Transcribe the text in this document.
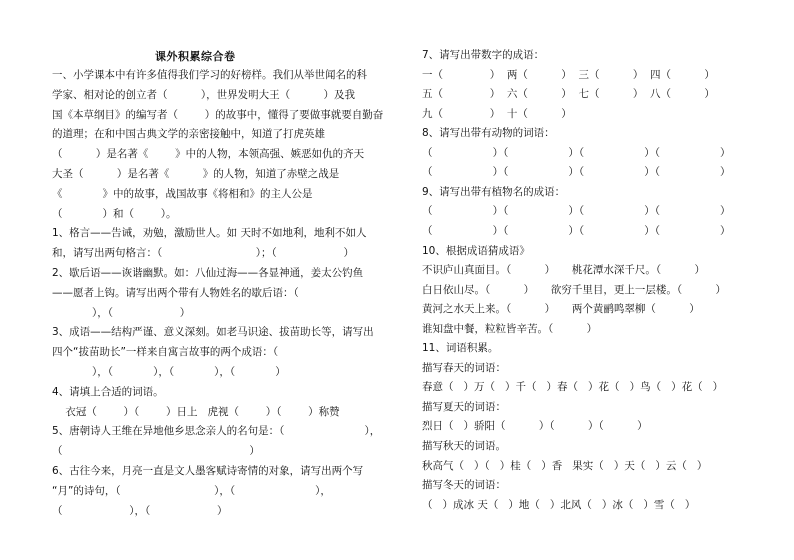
课外积累综合卷
一、小学课本中有许多值得我们学习的好榜样。我们从举世闻名的科
学家、相对论的创立者（          ），世界发明大王（          ）及我
国《本草纲目》的编写者（        ）的故事中，懂得了要做事就要自勤奋
的道理；在和中国古典文学的亲密接触中，知道了打虎英雄
（          ）是名著《        》中的人物，本领高强、嫉恶如仇的齐天
大圣（          ）是名著《          》的人物，知道了赤壁之战是
《            》中的故事，战国故事《将相和》的主人公是
（            ）和（        ）。
1、格言——告诫，劝勉，激励世人。如 天时不如地利，地利不如人
和，请写出两句格言：（                            ）；（                    ）
2、歇后语——诙谐幽默。如：八仙过海——各显神通，姜太公钓鱼
——愿者上钩。请写出两个带有人物姓名的歇后语：（
），（                    ）
3、成语——结构严谨、意义深刻。如老马识途、拔苗助长等，请写出
四个“拔苗助长”一样来自寓言故事的两个成语：（
），（            ），（            ），（            ）
4、请填上合适的词语。
衣冠（        ）（        ）日上   虎视（        ）（        ）称赞
5、唐朝诗人王维在异地他乡思念亲人的名句是：（                        ），
（                                                        ）
6、古往今来，月亮一直是文人墨客赋诗寄情的对象，请写出两个写
“月”的诗句，（                            ），（                        ），
（                    ），（                    ）
7、请写出带数字的成语：
一（              ）  两（          ）  三（          ）  四（          ）
五（              ）  六（          ）  七（          ）  八（          ）
九（              ）  十（          ）
8、请写出带有动物的词语：
（                  ）（                  ）（                  ）（                  ）
（                  ）（                  ）（                  ）（                  ）
9、请写出带有植物名的成语：
（                  ）（                  ）（                  ）（                  ）
（                  ）（                  ）（                  ）（                  ）
10、根据成语猜成语》
不识庐山真面目。（          ）     桃花潭水深千尺。（          ）
白日依山尽。（          ）     欲穷千里目，更上一层楼。（          ）
黄河之水天上来。（          ）     两个黄鹂鸣翠柳（          ）
谁知盘中餐，粒粒皆辛苦。（          ）
11、词语积累。
描写春天的词语：
春意（   ）万（   ）千（   ）春（   ）花（   ）鸟（   ）花（   ）
描写夏天的词语：
烈日（   ）骄阳（          ）（          ）（          ）
描写秋天的词语。
秋高气（   ）（   ）桂（   ）香   果实（   ）天（   ）云（   ）
描写冬天的词语：
（   ）成冰 天（   ）地（   ）北风（   ）冰（   ）雪（   ）
